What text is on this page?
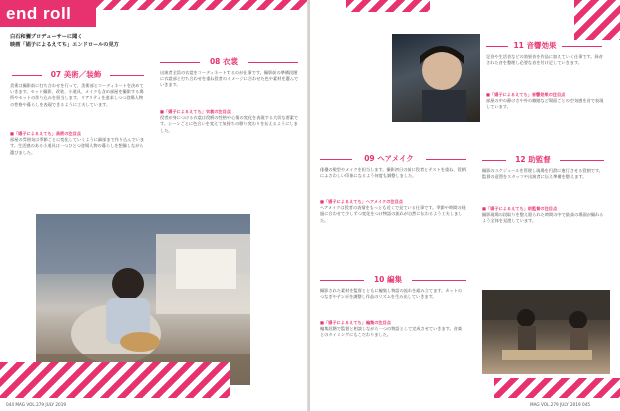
end roll
白石和彌プロデューサーに聞く
映画「娼子によるえてち」エンドロールの見方
07 美術／装飾
美術は撮影前に打ち合わせを行って、美術部とコーディネートを決めていきます。セット撮影、改装、小道具、メイクも含め部屋を撮影する場所やセットの作り込みを担当します。リアリティを追求しつつ登場人物の性格や暮らしを表現できるように工夫しています。
■「娼子によるえてち」美術の注目点
部屋の雰囲気は季節ごとに変化していくように細部まで作り込んでいます。生活感のある小道具は一つひとつ登場人物の暮らしを想像しながら選びました。
08 衣裳
出演者全員の衣裳をコーディネートするのが仕事です。撮影前の準備段階に衣裳部と打ち合わせを重ね役者のイメージに合わせた色や素材を選んでいきます。
■「娼子によるえてち」衣裳の注目点
役者が身につける衣裳は役柄の性格や心情の変化を表現する大切な要素です。シーンごとに色合いを変えて気持ちの移り変わりを伝えるようにしました。
044 MAG VOL.279 JULY 2019
11 音響効果
足音や生活音などの効果音を作品に加えていく仕事です。録音された音を整理し必要な音を付け足していきます。
■「娼子によるえてち」音響効果の注目点
部屋の中の静けさや外の雑踏など場面ごとの空気感を音で表現しています。
09 ヘアメイク
俳優の髪型やメイクを担当します。撮影初日の前に役者とテストを重ね、役柄にふさわしい印象になるよう何度も調整しました。
■「娼子によるえてち」ヘアメイクの注目点
ヘアメイクは役者の表情をもっとも近くで見ている仕事です。季節や時間の経過に合わせて少しずつ変化をつけ物語の流れが自然に伝わるよう工夫しました。
12 助監督
撮影のスケジュールを管理し現場を円滑に進行させる役割です。監督の意図をスタッフや出演者に伝え準備を整えます。
■「娼子によるえてち」助監督の注目点
撮影現場の段取りを整え限られた時間の中で最高の場面が撮れるよう全体を見渡しています。
10 編集
撮影された素材を監督とともに編集し物語の流れを組み立てます。カットのつなぎやテンポを調整し作品のリズムを生み出していきます。
■「娼子によるえてち」編集の注目点
編集段階で監督と相談しながら一つの物語として完成させていきます。音楽とのタイミングにもこだわりました。
MAG VOL.279 JULY 2019 045
